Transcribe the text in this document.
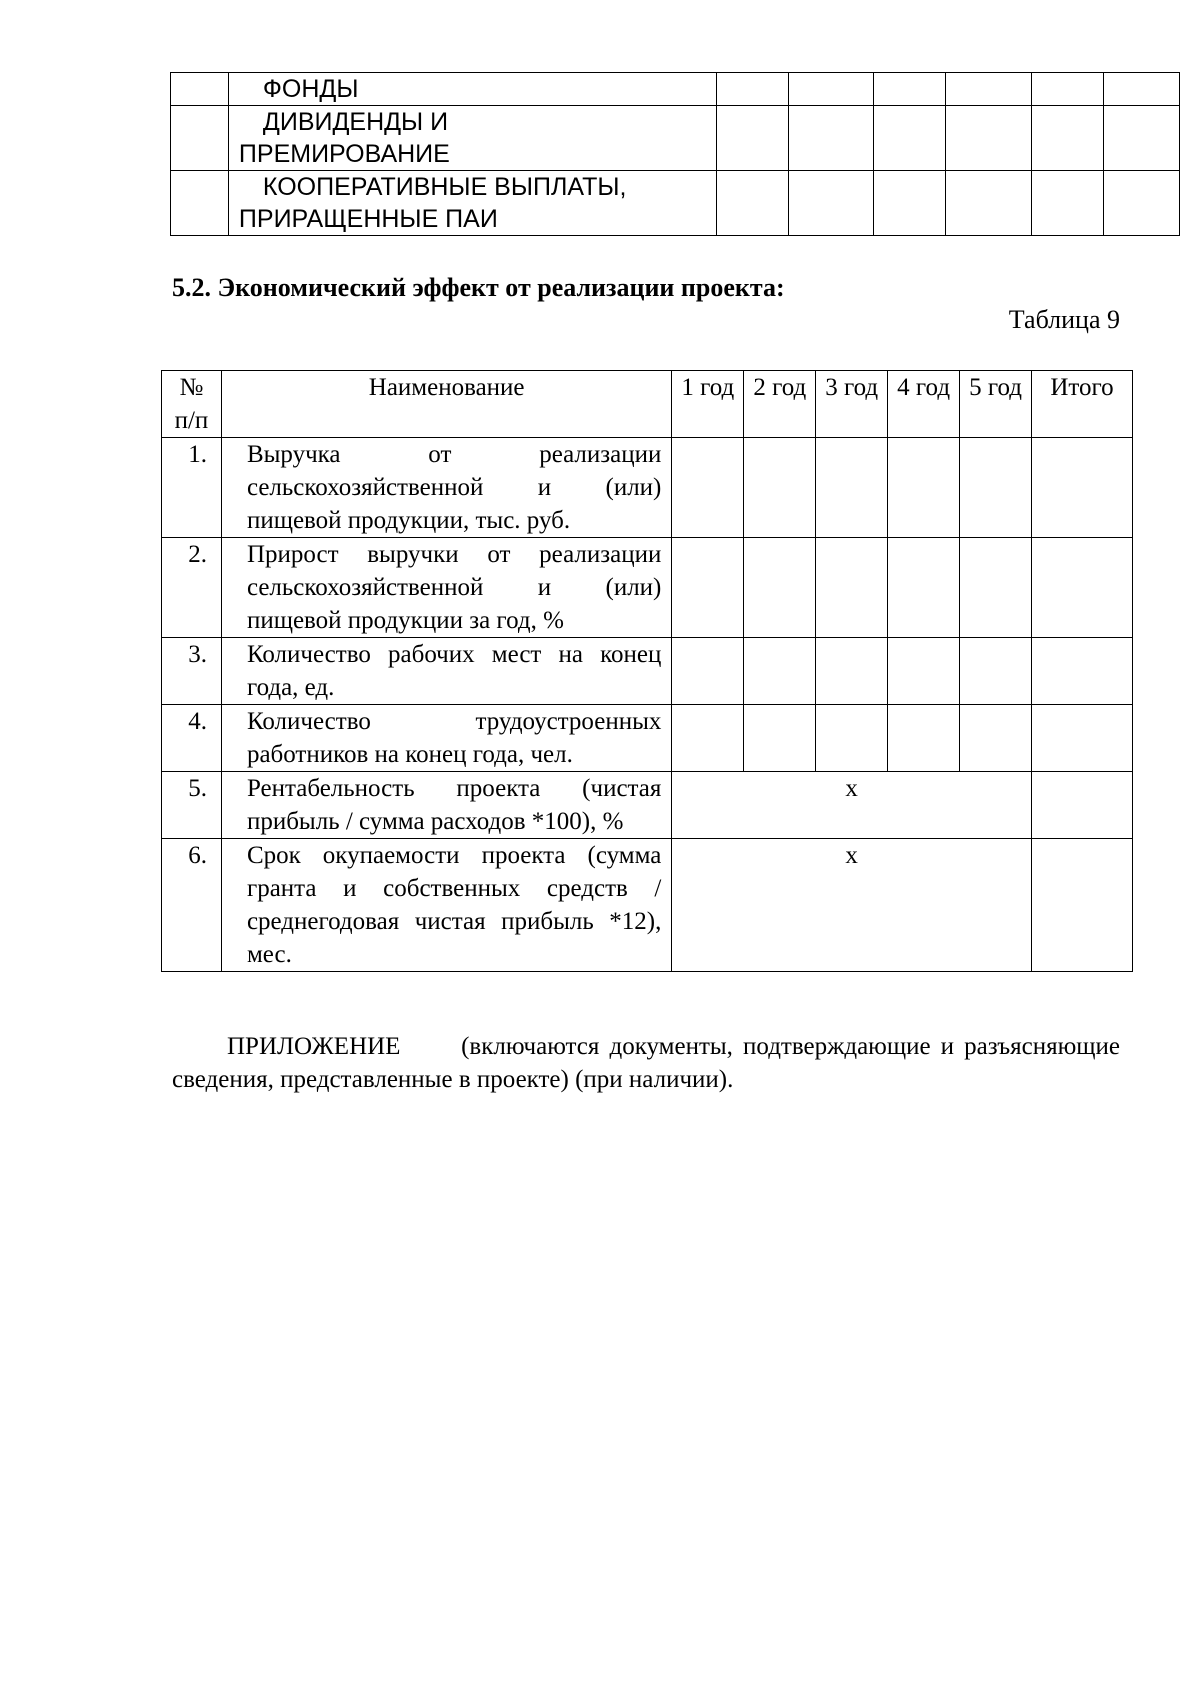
	ФОНДЫ						

	ДИВИДЕНДЫ И
ПРЕМИРОВАНИЕ						

	КООПЕРАТИВНЫЕ ВЫПЛАТЫ,
ПРИРАЩЕННЫЕ ПАИ						

5.2. Экономический эффект от реализации проекта:

Таблица 9

№ п/п	Наименование	1 год	2 год	3 год	4 год	5 год	Итого
1.	Выручка от реализации сельскохозяйственной и (или) пищевой продукции, тыс. руб.						
2.	Прирост выручки от реализации сельскохозяйственной и (или) пищевой продукции за год, %						
3.	Количество рабочих мест на конец года, ед.						
4.	Количество трудоустроенных работников на конец года, чел.						
5.	Рентабельность проекта (чистая прибыль / сумма расходов *100), %	х					
6.	Срок окупаемости проекта (сумма гранта и собственных средств / среднегодовая чистая прибыль *12), мес.	х					

ПРИЛОЖЕНИЕ (включаются документы, подтверждающие и разъясняющие сведения, представленные в проекте) (при наличии).
